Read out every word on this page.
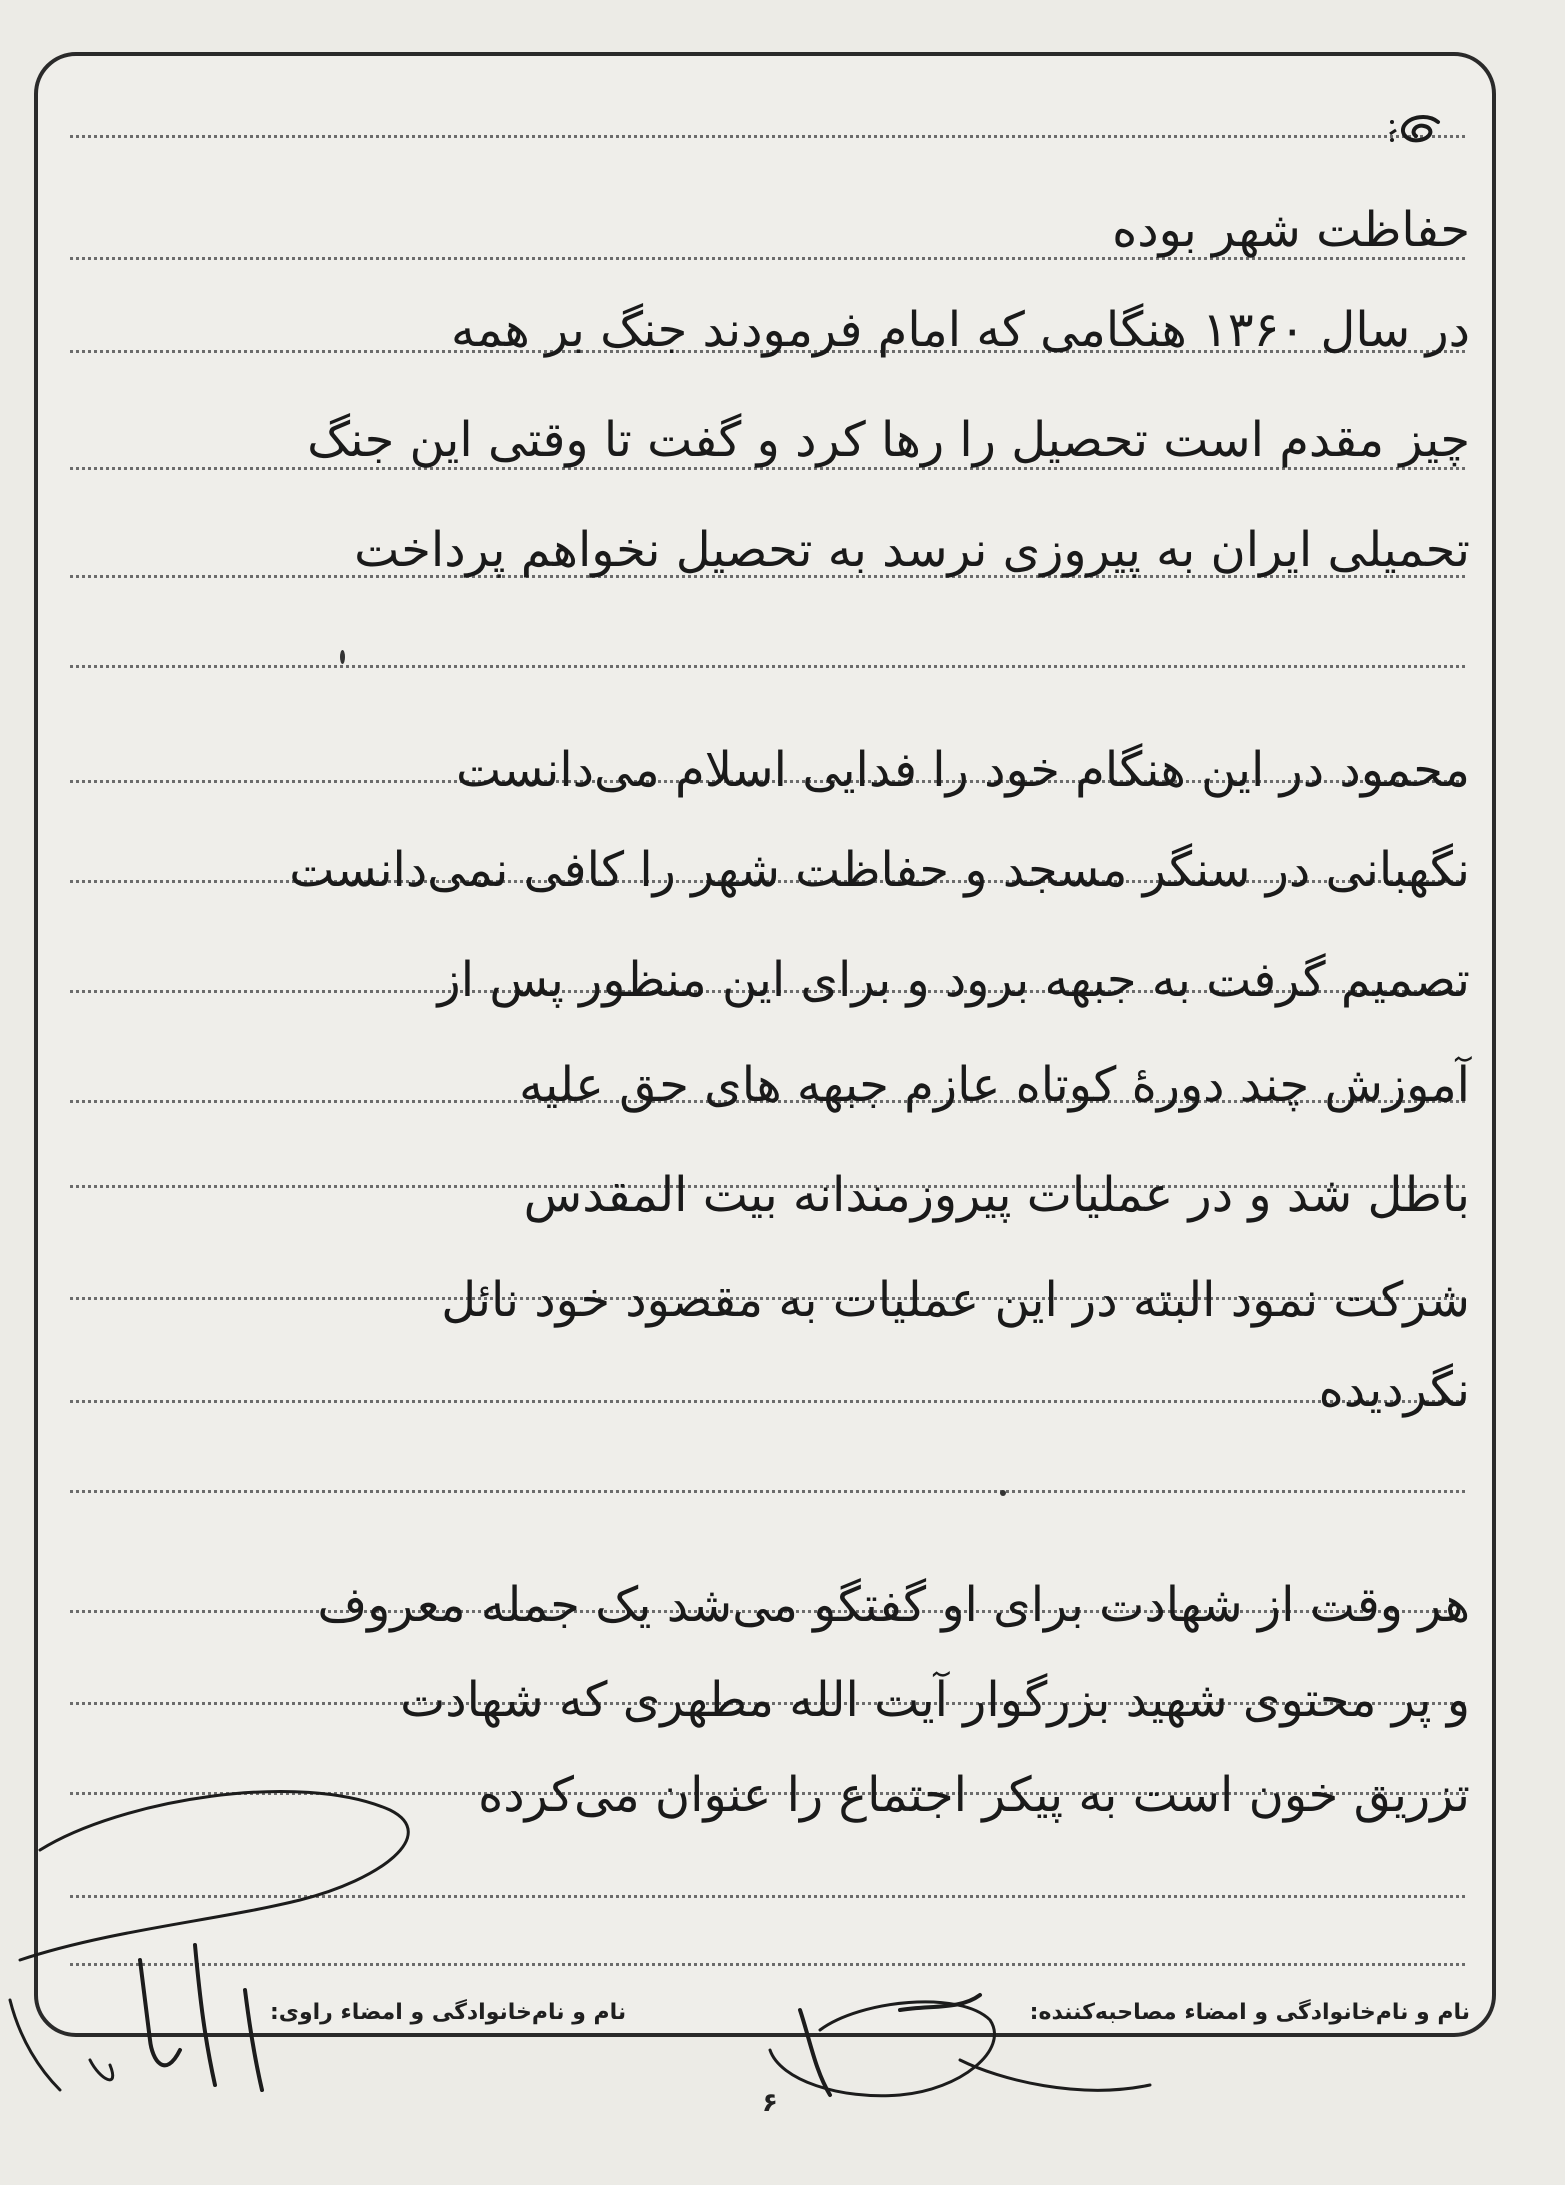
حفاظت شهر بوده
در سال ۱۳۶۰ هنگامی که امام فرمودند جنگ بر همه
چیز مقدم است تحصیل را رها کرد و گفت تا وقتی این جنگ
تحمیلی ایران به پیروزی نرسد به تحصیل نخواهم پرداخت
محمود در این هنگام خود را فدایی اسلام می‌دانست
نگهبانی در سنگر مسجد و حفاظت شهر را کافی نمی‌دانست
تصمیم گرفت به جبهه برود و برای این منظور پس از
آموزش چند دورهٔ کوتاه عازم جبهه های حق علیه
باطل شد و در عملیات پیروزمندانه بیت المقدس
شرکت نمود البته در این عملیات به مقصود خود نائل
نگردیده
هر وقت از شهادت برای او گفتگو می‌شد یک جمله معروف
و پر محتوی شهید بزرگوار آیت الله مطهری که شهادت
تزریق خون است به پیکر اجتماع را عنوان می‌کرده
نام و نام‌خانوادگی و امضاء راوی:	نام و نام‌خانوادگی و امضاء مصاحبه‌کننده:
۶
